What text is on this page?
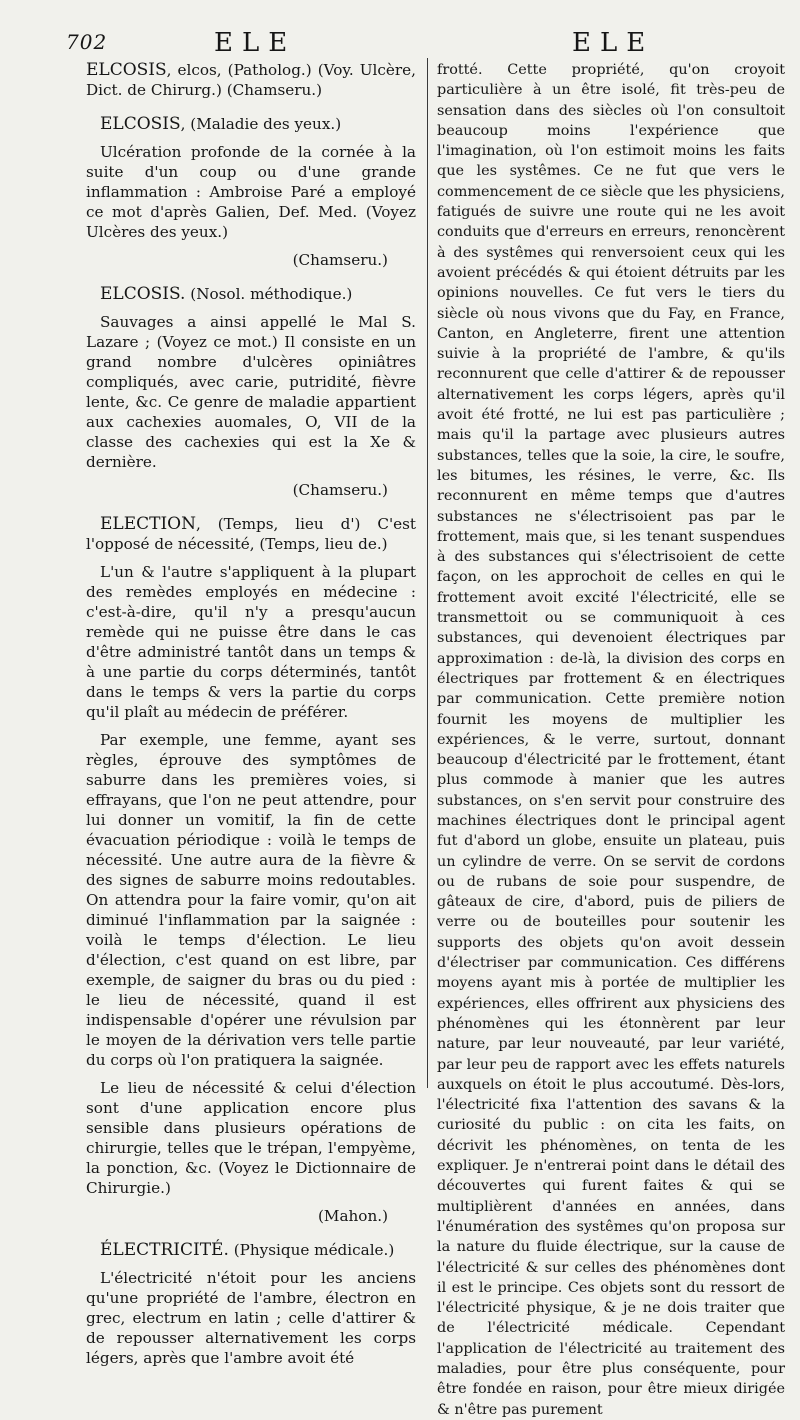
702	ELE	ELE

ELCOSIS, elcos, (Patholog.) (Voy. Ulcère, Dict. de Chirurg.) (Chamseru.)

ELCOSIS, (Maladie des yeux.)

Ulcération profonde de la cornée à la suite d'un coup ou d'une grande inflammation : Ambroise Paré a employé ce mot d'après Galien, Def. Med. (Voyez Ulcères des yeux.)

(Chamseru.)

ELCOSIS. (Nosol. méthodique.)

Sauvages a ainsi appellé le Mal S. Lazare ; (Voyez ce mot.) Il consiste en un grand nombre d'ulcères opiniâtres compliqués, avec carie, putridité, fièvre lente, &c. Ce genre de maladie appartient aux cachexies auomales, O, VII de la classe des cachexies qui est la Xe & dernière.

(Chamseru.)

ELECTION, (Temps, lieu d') C'est l'opposé de nécessité, (Temps, lieu de.)

L'un & l'autre s'appliquent à la plupart des remèdes employés en médecine : c'est-à-dire, qu'il n'y a presqu'aucun remède qui ne puisse être dans le cas d'être administré tantôt dans un temps & à une partie du corps déterminés, tantôt dans le temps & vers la partie du corps qu'il plaît au médecin de préférer.

Par exemple, une femme, ayant ses règles, éprouve des symptômes de saburre dans les premières voies, si effrayans, que l'on ne peut attendre, pour lui donner un vomitif, la fin de cette évacuation périodique : voilà le temps de nécessité. Une autre aura de la fièvre & des signes de saburre moins redoutables. On attendra pour la faire vomir, qu'on ait diminué l'inflammation par la saignée : voilà le temps d'élection. Le lieu d'élection, c'est quand on est libre, par exemple, de saigner du bras ou du pied : le lieu de nécessité, quand il est indispensable d'opérer une révulsion par le moyen de la dérivation vers telle partie du corps où l'on pratiquera la saignée.

Le lieu de nécessité & celui d'élection sont d'une application encore plus sensible dans plusieurs opérations de chirurgie, telles que le trépan, l'empyème, la ponction, &c. (Voyez le Dictionnaire de Chirurgie.)

(Mahon.)

ÉLECTRICITÉ. (Physique médicale.)

L'électricité n'étoit pour les anciens qu'une propriété de l'ambre, électron en grec, electrum en latin ; celle d'attirer & de repousser alternativement les corps légers, après que l'ambre avoit été

frotté. Cette propriété, qu'on croyoit particulière à un être isolé, fit très-peu de sensation dans des siècles où l'on consultoit beaucoup moins l'expérience que l'imagination, où l'on estimoit moins les faits que les systêmes. Ce ne fut que vers le commencement de ce siècle que les physiciens, fatigués de suivre une route qui ne les avoit conduits que d'erreurs en erreurs, renoncèrent à des systêmes qui renversoient ceux qui les avoient précédés & qui étoient détruits par les opinions nouvelles. Ce fut vers le tiers du siècle où nous vivons que du Fay, en France, Canton, en Angleterre, firent une attention suivie à la propriété de l'ambre, & qu'ils reconnurent que celle d'attirer & de repousser alternativement les corps légers, après qu'il avoit été frotté, ne lui est pas particulière ; mais qu'il la partage avec plusieurs autres substances, telles que la soie, la cire, le soufre, les bitumes, les résines, le verre, &c. Ils reconnurent en même temps que d'autres substances ne s'électrisoient pas par le frottement, mais que, si les tenant suspendues à des substances qui s'électrisoient de cette façon, on les approchoit de celles en qui le frottement avoit excité l'électricité, elle se transmettoit ou se communiquoit à ces substances, qui devenoient électriques par approximation : de-là, la division des corps en électriques par frottement & en électriques par communication. Cette première notion fournit les moyens de multiplier les expériences, & le verre, surtout, donnant beaucoup d'électricité par le frottement, étant plus commode à manier que les autres substances, on s'en servit pour construire des machines électriques dont le principal agent fut d'abord un globe, ensuite un plateau, puis un cylindre de verre. On se servit de cordons ou de rubans de soie pour suspendre, de gâteaux de cire, d'abord, puis de piliers de verre ou de bouteilles pour soutenir les supports des objets qu'on avoit dessein d'électriser par communication. Ces différens moyens ayant mis à portée de multiplier les expériences, elles offrirent aux physiciens des phénomènes qui les étonnèrent par leur nature, par leur nouveauté, par leur variété, par leur peu de rapport avec les effets naturels auxquels on étoit le plus accoutumé. Dès-lors, l'électricité fixa l'attention des savans & la curiosité du public : on cita les faits, on décrivit les phénomènes, on tenta de les expliquer. Je n'entrerai point dans le détail des découvertes qui furent faites & qui se multiplièrent d'années en années, dans l'énumération des systêmes qu'on proposa sur la nature du fluide électrique, sur la cause de l'électricité & sur celles des phénomènes dont il est le principe. Ces objets sont du ressort de l'électricité physique, & je ne dois traiter que de l'électricité médicale. Cependant l'application de l'électricité au traitement des maladies, pour être plus conséquente, pour être fondée en raison, pour être mieux dirigée & n'être pas purement
